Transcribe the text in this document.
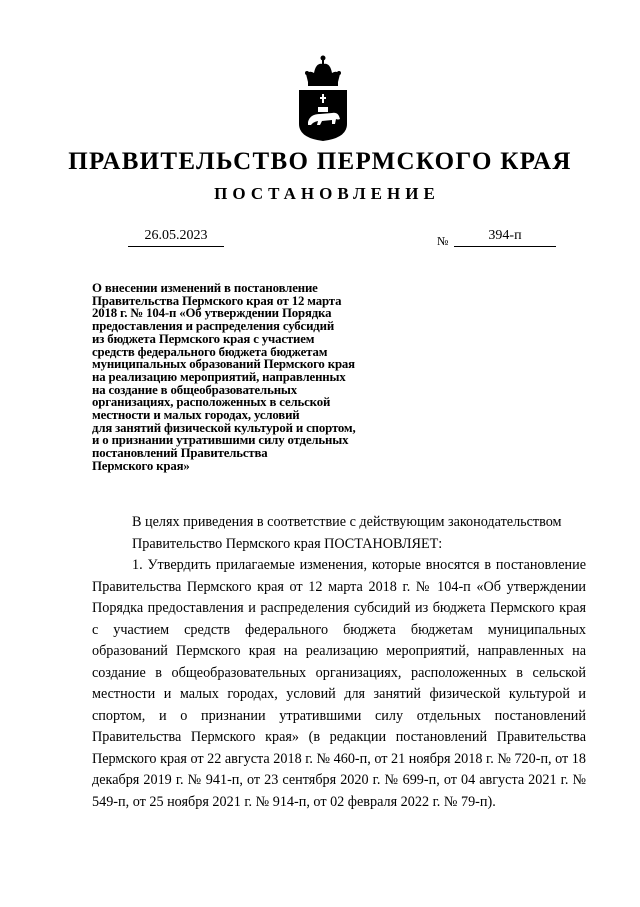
ПРАВИТЕЛЬСТВО ПЕРМСКОГО КРАЯ
ПОСТАНОВЛЕНИЕ
26.05.2023	№	394-п
О внесении изменений в постановление
Правительства Пермского края от 12 марта
2018 г. № 104-п «Об утверждении Порядка
предоставления и распределения субсидий
из бюджета Пермского края с участием
средств федерального бюджета бюджетам
муниципальных образований Пермского края
на реализацию мероприятий, направленных
на создание в общеобразовательных
организациях, расположенных в сельской
местности и малых городах, условий
для занятий физической культурой и спортом,
и о признании утратившими силу отдельных
постановлений Правительства
Пермского края»

В целях приведения в соответствие с действующим законодательством

Правительство Пермского края ПОСТАНОВЛЯЕТ:

1. Утвердить прилагаемые изменения, которые вносятся в постановление Правительства Пермского края от 12 марта 2018 г. № 104-п «Об утверждении Порядка предоставления и распределения субсидий из бюджета Пермского края с участием средств федерального бюджета бюджетам муниципальных образований Пермского края на реализацию мероприятий, направленных на создание в общеобразовательных организациях, расположенных в сельской местности и малых городах, условий для занятий физической культурой и спортом, и о признании утратившими силу отдельных постановлений Правительства Пермского края» (в редакции постановлений Правительства Пермского края от 22 августа 2018 г. № 460-п, от 21 ноября 2018 г. № 720-п, от 18 декабря 2019 г. № 941-п, от 23 сентября 2020 г. № 699-п, от 04 августа 2021 г. № 549-п, от 25 ноября 2021 г. № 914-п, от 02 февраля 2022 г. № 79-п).
